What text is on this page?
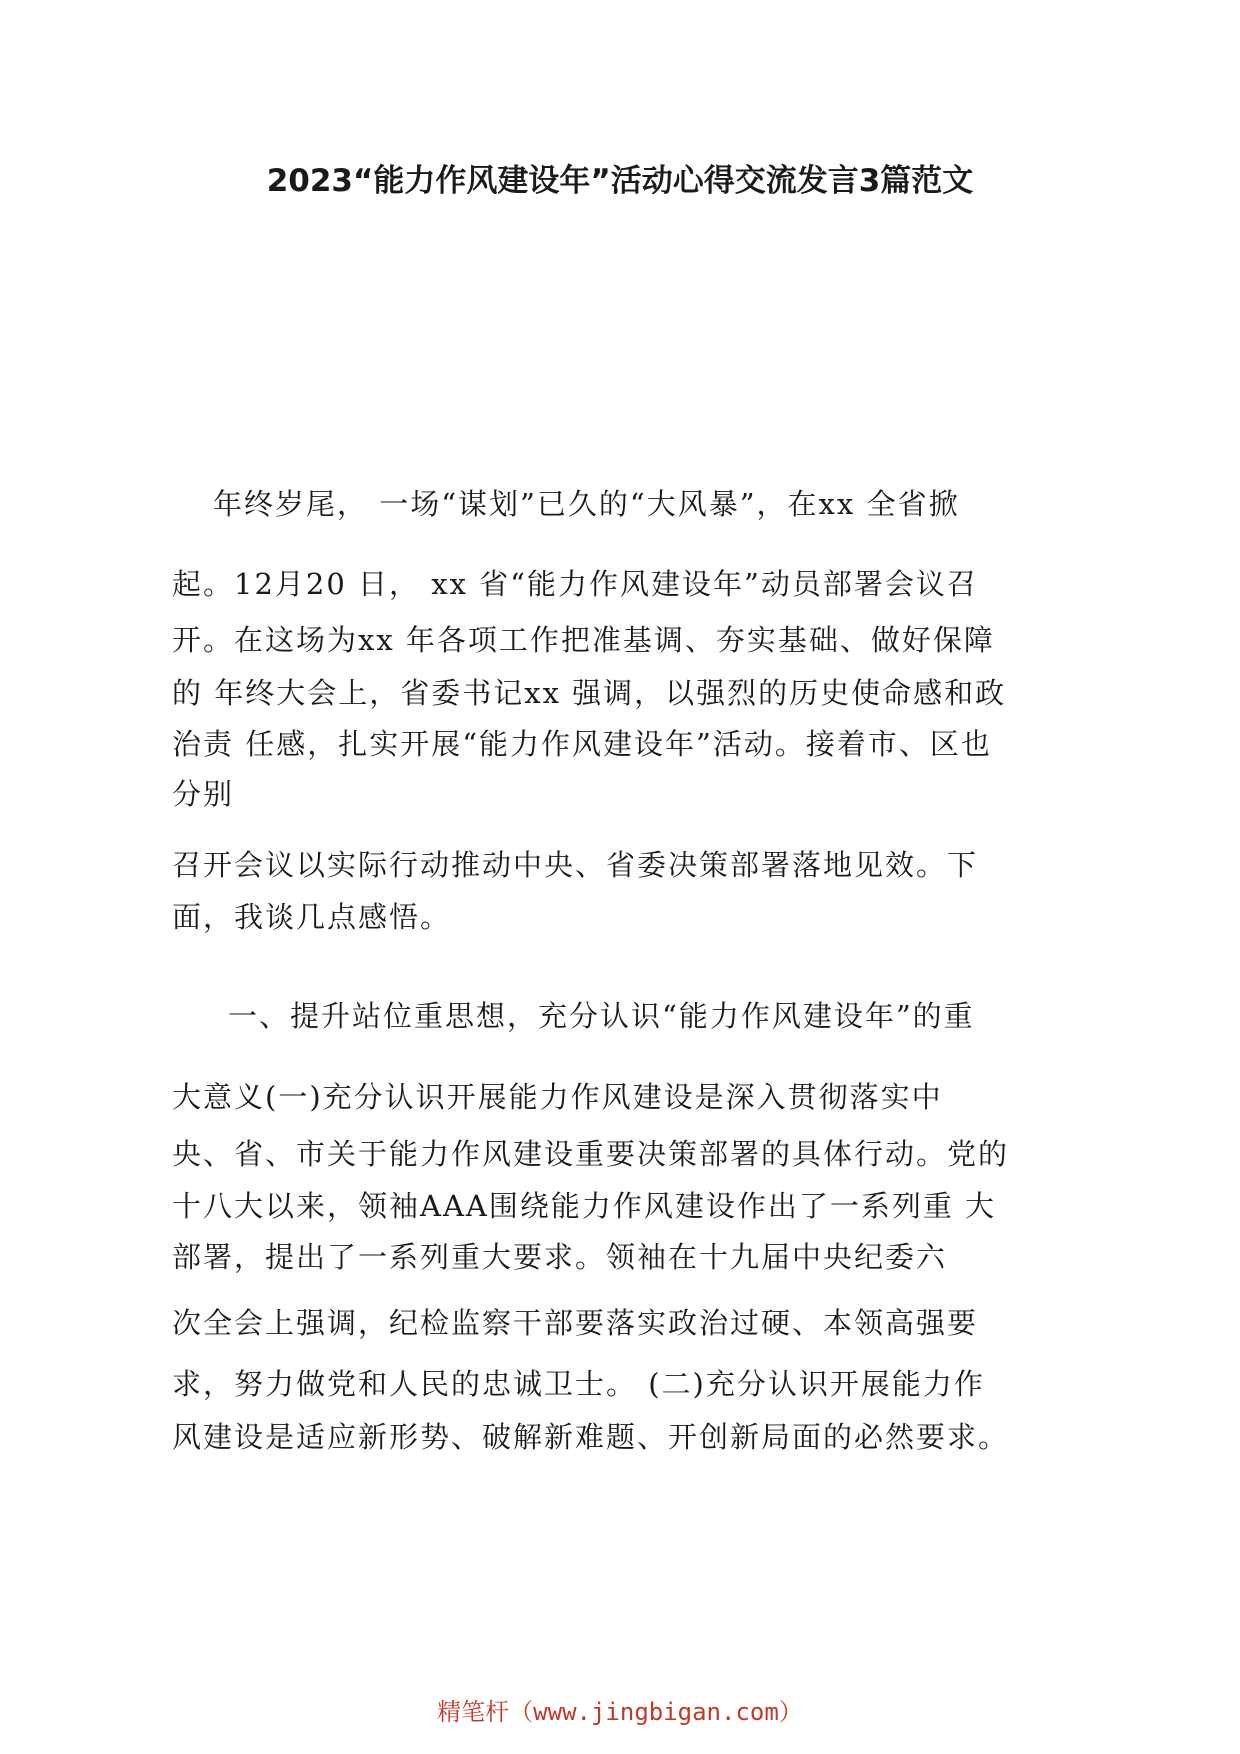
2023“能力作风建设年”活动心得交流发言3篇范文
年终岁尾， 一场“谋划”已久的“大风暴”，在xx 全省掀
起。12月20 日， xx 省“能力作风建设年”动员部署会议召
开。在这场为xx 年各项工作把准基调、夯实基础、做好保障
的 年终大会上，省委书记xx 强调，以强烈的历史使命感和政
治责 任感，扎实开展“能力作风建设年”活动。接着市、区也
分别
召开会议以实际行动推动中央、省委决策部署落地见效。下
面，我谈几点感悟。
一、提升站位重思想，充分认识“能力作风建设年”的重
大意义(一)充分认识开展能力作风建设是深入贯彻落实中
央、省、市关于能力作风建设重要决策部署的具体行动。党的
十八大以来，领袖AAA围绕能力作风建设作出了一系列重 大
部署，提出了一系列重大要求。领袖在十九届中央纪委六
次全会上强调，纪检监察干部要落实政治过硬、本领高强要
求，努力做党和人民的忠诚卫士。 (二)充分认识开展能力作
风建设是适应新形势、破解新难题、开创新局面的必然要求。
精笔杆（www.jingbigan.com）
